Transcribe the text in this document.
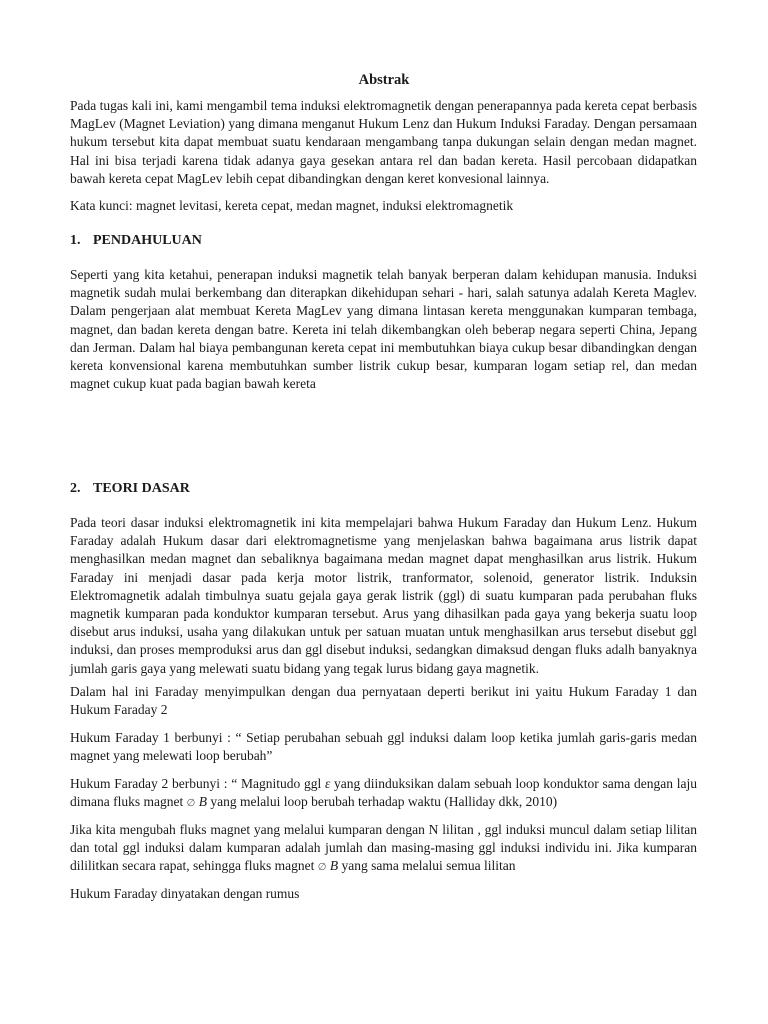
Abstrak

Pada tugas kali ini, kami mengambil tema induksi elektromagnetik dengan penerapannya pada kereta cepat berbasis MagLev (Magnet Leviation) yang dimana menganut Hukum Lenz dan Hukum Induksi Faraday. Dengan persamaan hukum tersebut kita dapat membuat suatu kendaraan mengambang tanpa dukungan selain dengan medan magnet. Hal ini bisa terjadi karena tidak adanya gaya gesekan antara rel dan badan kereta. Hasil percobaan didapatkan bawah kereta cepat MagLev lebih cepat dibandingkan dengan keret konvesional lainnya.

Kata kunci: magnet levitasi, kereta cepat, medan magnet, induksi elektromagnetik

1. PENDAHULUAN

Seperti yang kita ketahui, penerapan induksi magnetik telah banyak berperan dalam kehidupan manusia. Induksi magnetik sudah mulai berkembang dan diterapkan dikehidupan sehari - hari, salah satunya adalah Kereta Maglev. Dalam pengerjaan alat membuat Kereta MagLev yang dimana lintasan kereta menggunakan kumparan tembaga, magnet, dan badan kereta dengan batre. Kereta ini telah dikembangkan oleh beberap negara seperti China, Jepang dan Jerman. Dalam hal biaya pembangunan kereta cepat ini membutuhkan biaya cukup besar dibandingkan dengan kereta konvensional karena membutuhkan sumber listrik cukup besar, kumparan logam setiap rel, dan medan magnet cukup kuat pada bagian bawah kereta

2. TEORI DASAR

Pada teori dasar induksi elektromagnetik ini kita mempelajari bahwa Hukum Faraday dan Hukum Lenz. Hukum Faraday adalah Hukum dasar dari elektromagnetisme yang menjelaskan bahwa bagaimana arus listrik dapat menghasilkan medan magnet dan sebaliknya bagaimana medan magnet dapat menghasilkan arus listrik. Hukum Faraday ini menjadi dasar pada kerja motor listrik, tranformator, solenoid, generator listrik. Induksin Elektromagnetik adalah timbulnya suatu gejala gaya gerak listrik (ggl) di suatu kumparan pada perubahan fluks magnetik kumparan pada konduktor kumparan tersebut. Arus yang dihasilkan pada gaya yang bekerja suatu loop disebut arus induksi, usaha yang dilakukan untuk per satuan muatan untuk menghasilkan arus tersebut disebut ggl induksi, dan proses memproduksi arus dan ggl disebut induksi, sedangkan dimaksud dengan fluks adalh banyaknya jumlah garis gaya yang melewati suatu bidang yang tegak lurus bidang gaya magnetik.

Dalam hal ini Faraday menyimpulkan dengan dua pernyataan deperti berikut ini yaitu Hukum Faraday 1 dan Hukum Faraday 2

Hukum Faraday 1 berbunyi : “ Setiap perubahan sebuah ggl induksi dalam loop ketika jumlah garis-garis medan magnet yang melewati loop berubah”

Hukum Faraday 2 berbunyi : “ Magnitudo ggl ε yang diinduksikan dalam sebuah loop konduktor sama dengan laju dimana fluks magnet ∅ B yang melalui loop berubah terhadap waktu (Halliday dkk, 2010)

Jika kita mengubah fluks magnet yang melalui kumparan dengan N lilitan , ggl induksi muncul dalam setiap lilitan dan total ggl induksi dalam kumparan adalah jumlah dan masing-masing ggl induksi individu ini. Jika kumparan dililitkan secara rapat, sehingga fluks magnet ∅ B yang sama melalui semua lilitan

Hukum Faraday dinyatakan dengan rumus
